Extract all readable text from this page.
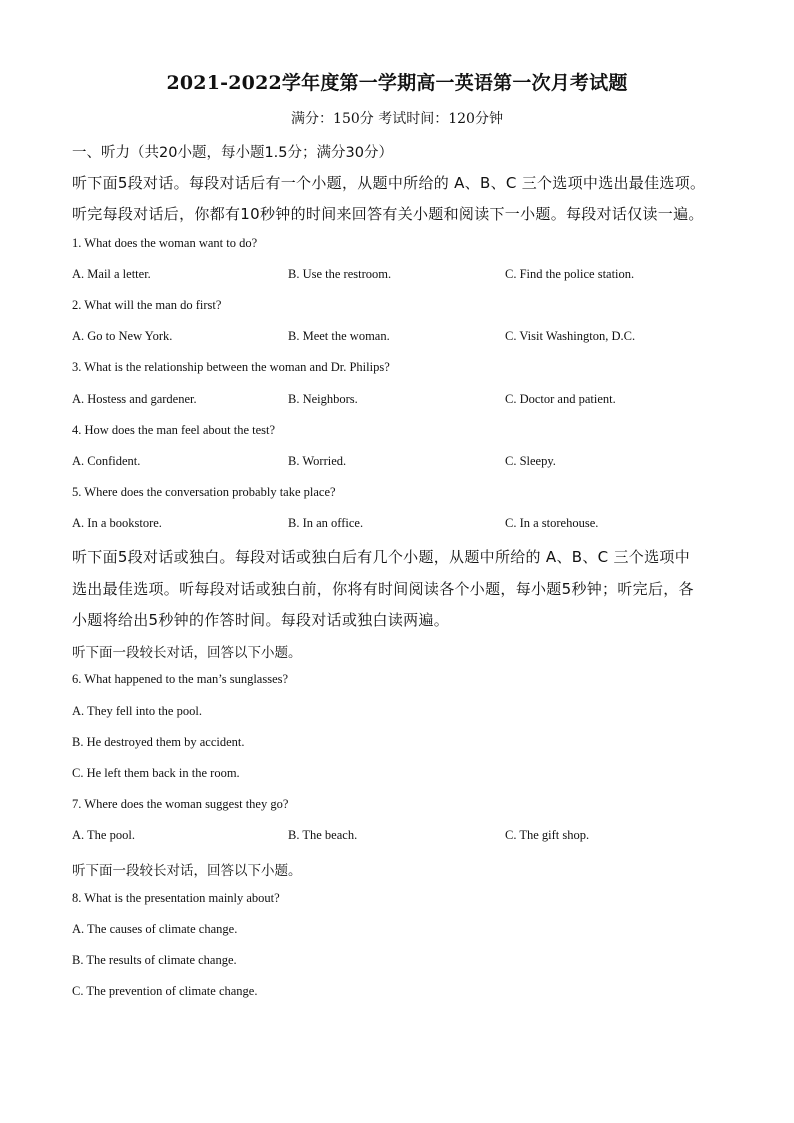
2021-2022学年度第一学期高一英语第一次月考试题
满分：150分 考试时间：120分钟
一、听力（共20小题，每小题1.5分；满分30分）
听下面5段对话。每段对话后有一个小题，从题中所给的 A、B、C 三个选项中选出最佳选项。
听完每段对话后，你都有10秒钟的时间来回答有关小题和阅读下一小题。每段对话仅读一遍。
1. What does the woman want to do?
A. Mail a letter.	B. Use the restroom.	C. Find the police station.
2. What will the man do first?
A. Go to New York.	B. Meet the woman.	C. Visit Washington, D.C.
3. What is the relationship between the woman and Dr. Philips?
A. Hostess and gardener.	B. Neighbors.	C. Doctor and patient.
4. How does the man feel about the test?
A. Confident.	B. Worried.	C. Sleepy.
5. Where does the conversation probably take place?
A. In a bookstore.	B. In an office.	C. In a storehouse.
听下面5段对话或独白。每段对话或独白后有几个小题，从题中所给的 A、B、C 三个选项中
选出最佳选项。听每段对话或独白前，你将有时间阅读各个小题，每小题5秒钟；听完后，各
小题将给出5秒钟的作答时间。每段对话或独白读两遍。
听下面一段较长对话，回答以下小题。
6. What happened to the man’s sunglasses?
A. They fell into the pool.
B. He destroyed them by accident.
C. He left them back in the room.
7. Where does the woman suggest they go?
A. The pool.	B. The beach.	C. The gift shop.
听下面一段较长对话，回答以下小题。
8. What is the presentation mainly about?
A. The causes of climate change.
B. The results of climate change.
C. The prevention of climate change.
